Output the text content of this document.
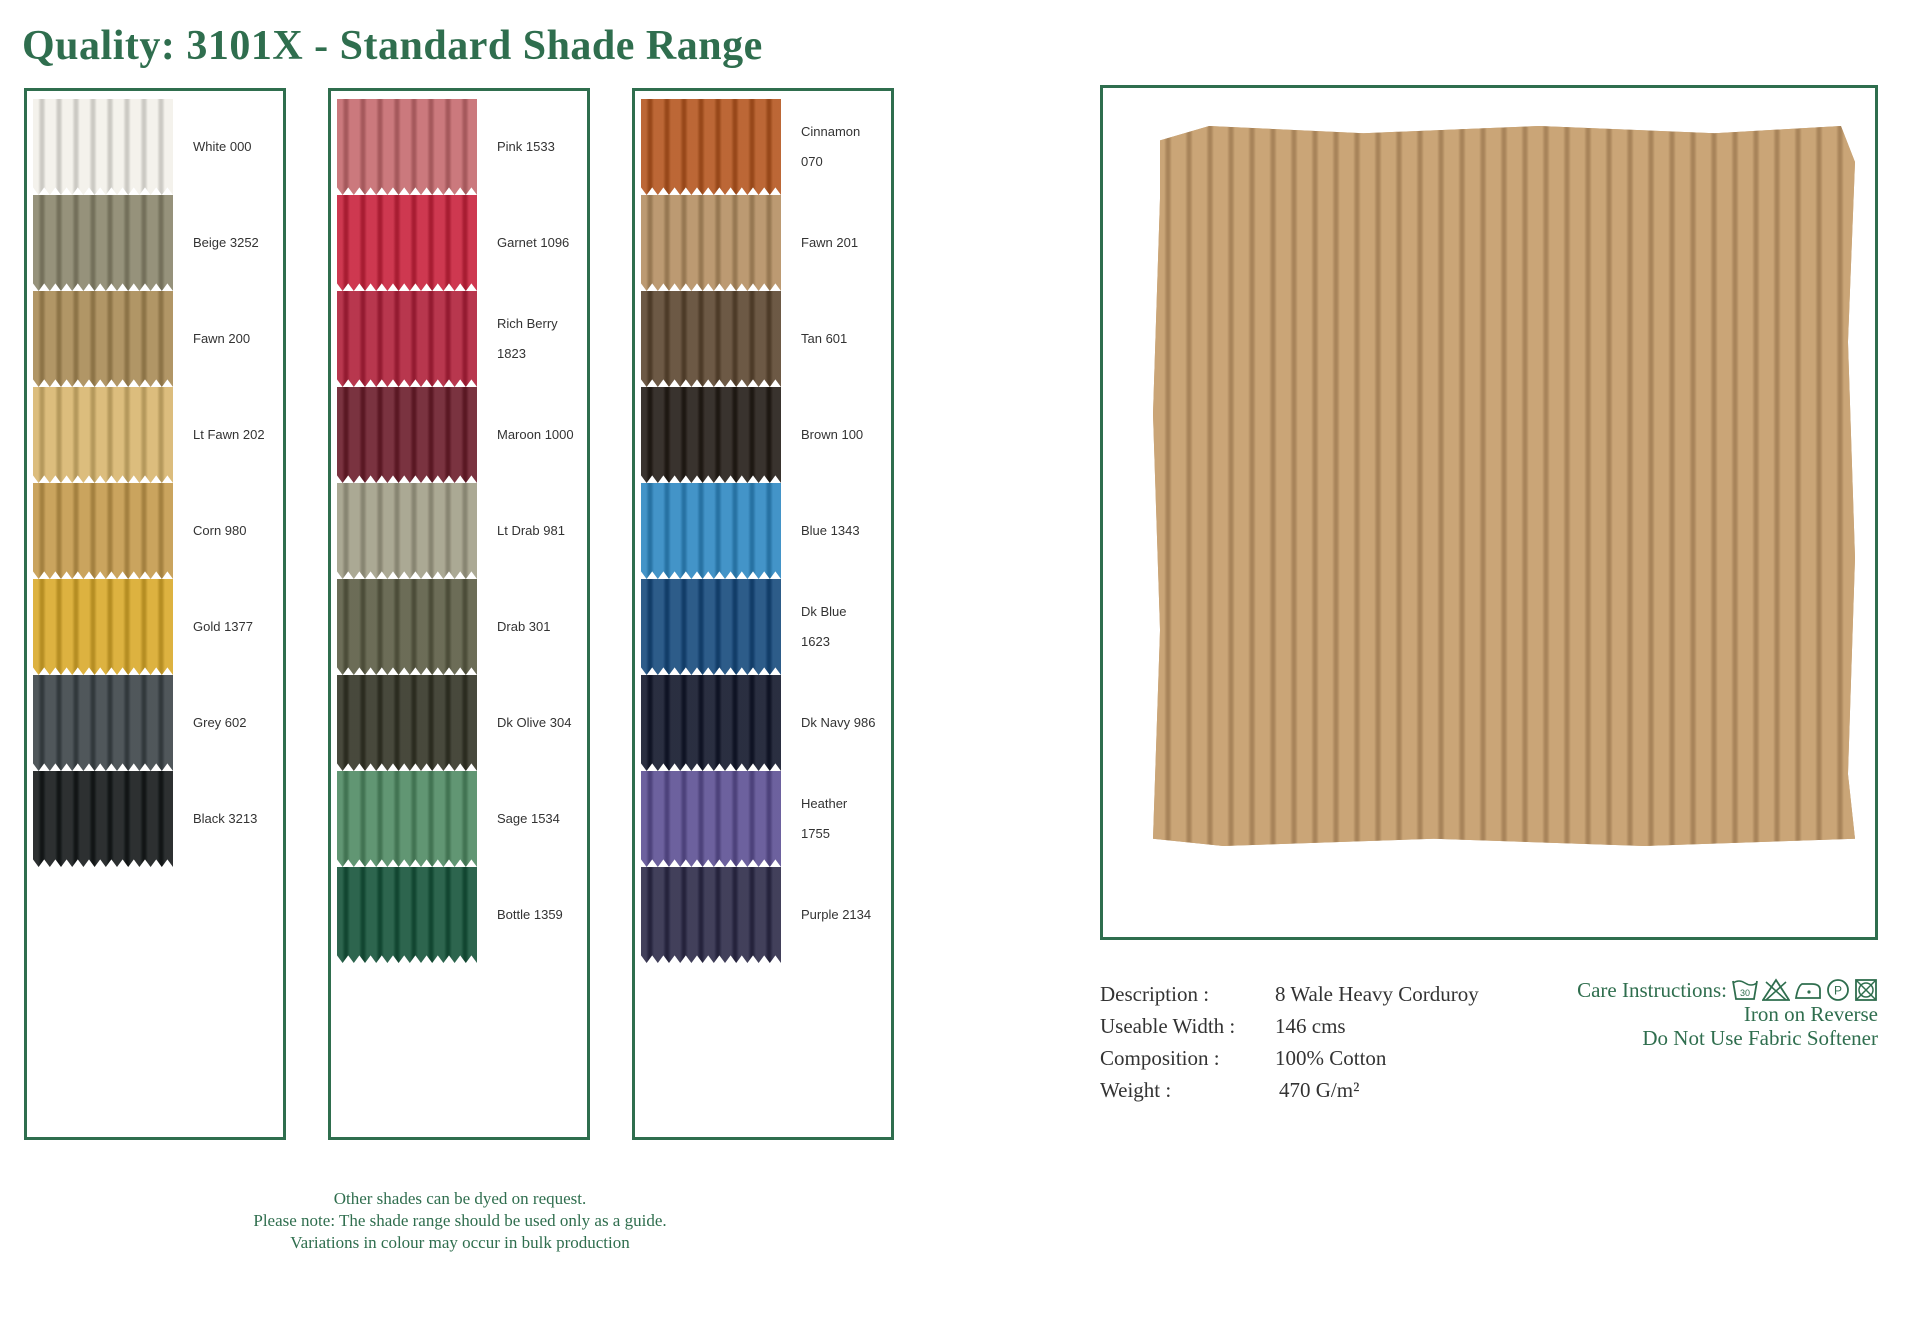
Quality: 3101X - Standard Shade Range
White 000
Beige 3252
Fawn 200
Lt Fawn 202
Corn 980
Gold 1377
Grey 602
Black 3213
Pink 1533
Garnet 1096
Rich Berry 1823
Maroon 1000
Lt Drab 981
Drab 301
Dk Olive 304
Sage 1534
Bottle 1359
Cinnamon 070
Fawn 201
Tan 601
Brown 100
Blue 1343
Dk Blue 1623
Dk Navy 986
Heather 1755
Purple 2134
Other shades can be dyed on request.
Please note: The shade range should be used only as a guide.
Variations in colour may occur in bulk production
Description :	8 Wale Heavy Corduroy
Useable Width :	146 cms
Composition :	100% Cotton
Weight :	470 G/m²
Care Instructions: 30	P
Iron on Reverse
Do Not Use Fabric Softener
